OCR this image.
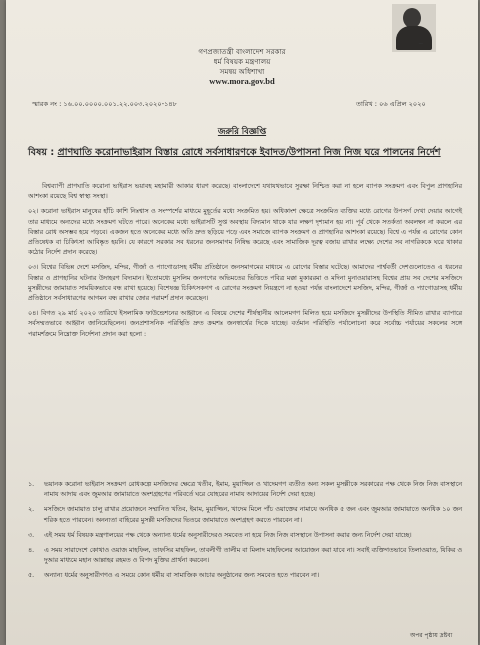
~
গণপ্রজাতন্ত্রী বাংলাদেশ সরকার
ধর্ম বিষয়ক মন্ত্রণালয়
সমন্বয় অধিশাখা
www.mora.gov.bd
স্মারক নং : ১৬.০০.০০০০.০০১.২২.০০৩.২০২০-১৪৮	তারিখ : ০৬ এপ্রিল ২০২০
জরুরি বিজ্ঞপ্তি
বিষয় : প্রাণঘাতি করোনাভাইরাস বিস্তার রোধে সর্বসাধারণকে ইবাদত/উপাসনা নিজ নিজ ঘরে পালনের নির্দেশ

বিশ্বব্যাপী প্রাণঘাতি করোনা ভাইরাস ভয়াবহ মহামারী আকার ধারণ করেছে। বাংলাদেশে যথাযথভাবে সুরক্ষা নিশ্চিত করা না হলে ব্যাপক সংক্রমণ এবং বিপুল প্রাণহানির আশংকা রয়েছে বিশ্ব স্বাস্থ্য সংস্থা।

০২। করোনা ভাইরাস মানুষের হাঁচি কাশি নিঃশ্বাস ও সংস্পর্শের মাধ্যমে মুহূর্তের মধ্যে সংক্রমিত হয়। অধিকাংশ ক্ষেত্রে সংক্রমিত ব্যক্তির মধ্যে রোগের উপসর্গ দেখা দেয়ার আগেই তার মাধ্যমে অন্যদের মধ্যে সংক্রমণ ঘটতে পারে। অনেকের মধ্যে ভাইরাসটি সুপ্ত অবস্থায় বিদ্যমান থাকে যার লক্ষণ দৃশ্যমান হয় না। পূর্ব থেকে সতর্কতা অবলম্বন না করলে এর বিস্তার রোধ অসম্ভব হয়ে পড়বে। একজন হতে অনেকের মধ্যে অতি দ্রুত ছড়িয়ে পড়ে এবং সমাজে ব্যাপক সংক্রমণ ও প্রাণহানির আশংকা রয়েছে। বিশ্বে এ পর্যন্ত এ রোগের কোন প্রতিষেধক বা চিকিৎসা আবিষ্কৃত হয়নি। যে কারণে সরকার সব ধরনের জনসমাগম নিষিদ্ধ করেছে এবং সামাজিক দূরত্ব বজায় রাখার লক্ষ্যে দেশের সব নাগরিককে ঘরে থাকার কঠোর নির্দেশ প্রদান করেছে।

০৩। বিশ্বের বিভিন্ন দেশে মসজিদ, মন্দির, গীর্জা ও প্যাগোডাসহ ধর্মীয় প্রতিষ্ঠানে জনসমাগমের মাধ্যমে এ রোগের বিস্তার ঘটেছে। আমাদের পার্শ্ববর্তী দেশগুলোতেও এ ধরনের বিস্তার ও প্রাণহানির ঘটনার উদাহরণ বিদ্যমান। ইতোমধ্যে মুসলিম জনগণের অভিমতের ভিত্তিতে পবিত্র মক্কা মুকাররমা ও মদিনা মুনাওয়ারাসহ বিশ্বের প্রায় সব দেশের মসজিদে মুসল্লীদের জামায়াত সাময়িকভাবে বন্ধ রাখা হয়েছে। বিশেষজ্ঞ চিকিৎসকগণ এ রোগের সংক্রমণ নিয়ন্ত্রণে না হওয়া পর্যন্ত বাংলাদেশে মসজিদ, মন্দির, গীর্জা ও প্যাগোডাসহ ধর্মীয় প্রতিষ্ঠানে সর্বসাধারণের আগমন বন্ধ রাখার জোর পরামর্শ প্রদান করেছেন।

০৪। বিগত ২৯ মার্চ ২০২০ তারিখে ইসলামিক ফাউন্ডেশনের আহ্বানে এ বিষয়ে দেশের শীর্ষস্থানীয় আলেমগণ মিলিত হয়ে মসজিদে মুসল্লীদের উপস্থিতি সীমিত রাখার ব্যাপারে সর্বসম্মতভাবে আহ্বান জানিয়েছিলেন। জনপ্রশাসনিক পরিস্থিতি দ্রুত ক্রমশঃ জনস্বার্থের দিকে যাচ্ছে। বর্তমান পরিস্থিতি পর্যালোচনা করে সর্বোচ্চ পর্যায়ের সকলের সঙ্গে পরামর্শক্রমে নিম্নোক্ত নির্দেশনা প্রদান করা হলো :

১.	ভয়ানক করোনা ভাইরাস সংক্রমণ রোধকল্পে মসজিদের ক্ষেত্রে খতীব, ইমাম, মুয়াজ্জিন ও খাদেমগণ ব্যতীত অন্য সকল মুসল্লীকে সরকারের পক্ষ থেকে নিজ নিজ বাসস্থানে নামায আদায় এবং জুমআর জামায়াতে অংশগ্রহণের পরিবর্তে ঘরে যোহরের নামায আদায়ের নির্দেশ দেয়া হচ্ছে।
২.	মসজিদে জামায়াত চালু রাখার প্রয়োজনে সম্মানিত খতিব, ইমাম, মুয়াজ্জিন, খাদেম মিলে পাঁচ ওয়াক্তের নামাযে অনধিক ৫ জন এবং জুমআর জামায়াতে অনধিক ১০ জন শরিক হতে পারবেন। অনন্যতা বাহিরের মুসল্লী মসজিদের ভিতরে জামায়াতে অংশগ্রহণ করতে পারবেন না।
৩.	এই সময় ধর্ম বিষয়ক মন্ত্রণালয়ের পক্ষ থেকে অন্যান্য ধর্মের অনুসারীদেরও সমবেত না হয়ে নিজ নিজ বাসস্থানে উপাসনা করার জন্য নির্দেশ দেয়া যাচ্ছে।
৪.	এ সময় সারাদেশে কোথাও ওয়াজ মাহফিল, তাফসির মাহফিল, তাবলীগী তালীম বা মিলাদ মাহফিলের আয়োজন করা যাবে না। সবাই ব্যক্তিগতভাবে তিলাওয়াত, যিকির ও দুআর মাধ্যমে মহান আল্লাহর রহমত ও বিপদ মুক্তির প্রার্থনা করবেন।
৫.	অন্যান্য ধর্মের অনুসারীগণও এ সময়ে কোন ধর্মীয় বা সামাজিক আচার অনুষ্ঠানের জন্য সমবেত হতে পারবেন না।
অপর পৃষ্ঠায় দ্রষ্টব্য
